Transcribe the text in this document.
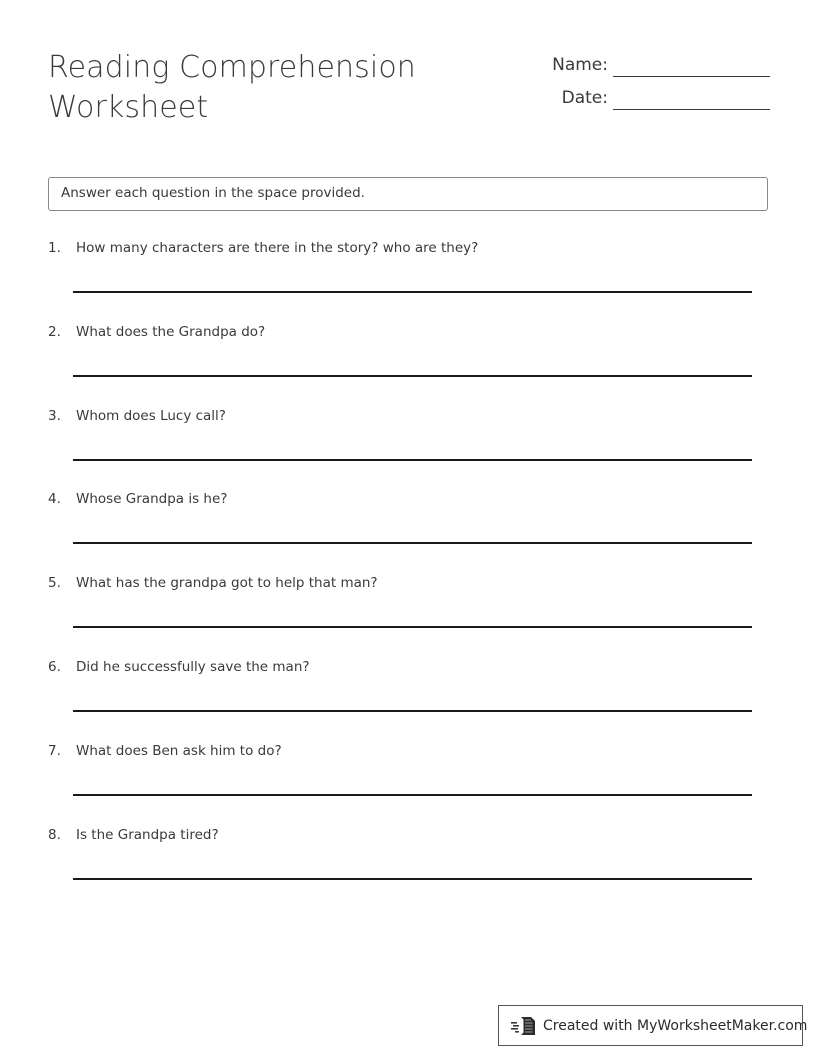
Reading Comprehension Worksheet
Name:
Date:
Answer each question in the space provided.
1.	How many characters are there in the story? who are they?
2.	What does the Grandpa do?
3.	Whom does Lucy call?
4.	Whose Grandpa is he?
5.	What has the grandpa got to help that man?
6.	Did he successfully save the man?
7.	What does Ben ask him to do?
8.	Is the Grandpa tired?
Created with MyWorksheetMaker.com
